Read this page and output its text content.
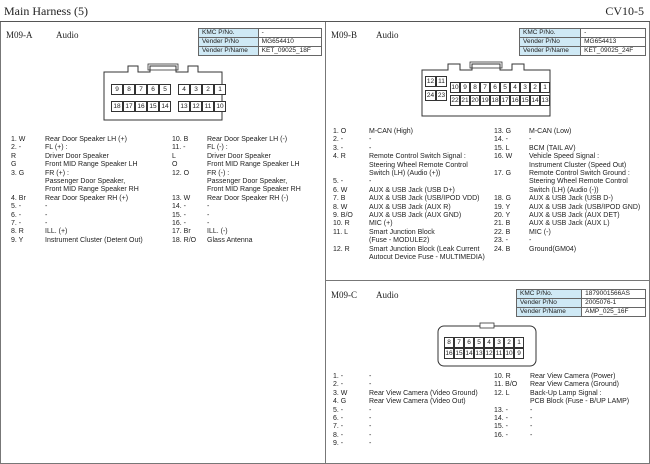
Main Harness (5)	CV10-5
M09-A	Audio	KMC P/No.	-
Vender P/No	MG654410
Vender P/Name	KET_09025_18F
9	8	7	6	5	4	3	2	1
18 17 16 15 14	13 12 11 10
1. W	Rear Door Speaker LH (+)
2. -	FL (+) :
R	Driver Door Speaker
G	Front MID Range Speaker LH
3. G	FR (+) :
Passenger Door Speaker,
Front MID Range Speaker RH
4. Br	Rear Door Speaker RH (+)
5. -	-
6. -	-
7. -	-
8. R	ILL. (+)
9. Y	Instrument Cluster (Detent Out)
10. B	Rear Door Speaker LH (-)
11. -	FL (-) :
L	Driver Door Speaker
O	Front MID Range Speaker LH
12. O	FR (-) :
Passenger Door Speaker,
Front MID Range Speaker RH
13. W	Rear Door Speaker RH (-)
14. -	-
15. -	-
16. -	-
17. Br	ILL. (-)
18. R/O	Glass Antenna
M09-B Audio	KMC P/No.	-
Vender P/No	MG654413
Vender P/Name	KET_09025_24F
12 11
24 23
10 9 8 7 6 5 4 3 2 1
22 21 20 19 18 17 16 15 14 13
1. O	M-CAN (High)
2. -	-
3. -	-
4. R	Remote Control Switch Signal :
Steering Wheel Remote Control
Switch (LH) (Audio (+))
5. -	-
6. W	AUX & USB Jack (USB D+)
7. B	AUX & USB Jack (USB/IPOD VDD)
8. W	AUX & USB Jack (AUX R)
9. B/O	AUX & USB Jack (AUX GND)
10. R	MIC (+)
11. L	Smart Junction Block
(Fuse - MODULE2)
12. R	Smart Junction Block (Leak Current
Autocut Device Fuse - MULTIMEDIA)
13. G	M-CAN (Low)
14. -	-
15. L	BCM (TAIL AV)
16. W	Vehicle Speed Signal :
Instrument Cluster (Speed Out)
17. G	Remote Control Switch Ground :
Steering Wheel Remote Control
Switch (LH) (Audio (-))
18. G	AUX & USB Jack (USB D-)
19. Y	AUX & USB Jack (USB/IPOD GND)
20. Y	AUX & USB Jack (AUX DET)
21. B	AUX & USB Jack (AUX L)
22. B	MIC (-)
23. -	-
24. B	Ground(GM04)
M09-C Audio	KMC P/No.	1879001566AS
Vender P/No	2005076-1
Vender P/Name	AMP_025_16F
8 7 6 5 4 3 2 1
16 15 14 13 12 11 10 9
1. -	-
2. -	-
3. W	Rear View Camera (Video Ground)
4. G	Rear View Camera (Video Out)
5. -	-
6. -	-
7. -	-
8. -	-
9. -	-
10. R	Rear View Camera (Power)
11. B/O	Rear View Camera (Ground)
12. L	Back-Up Lamp Signal :
PCB Block (Fuse - B/UP LAMP)
13. -	-
14. -	-
15. -	-
16. -	-
